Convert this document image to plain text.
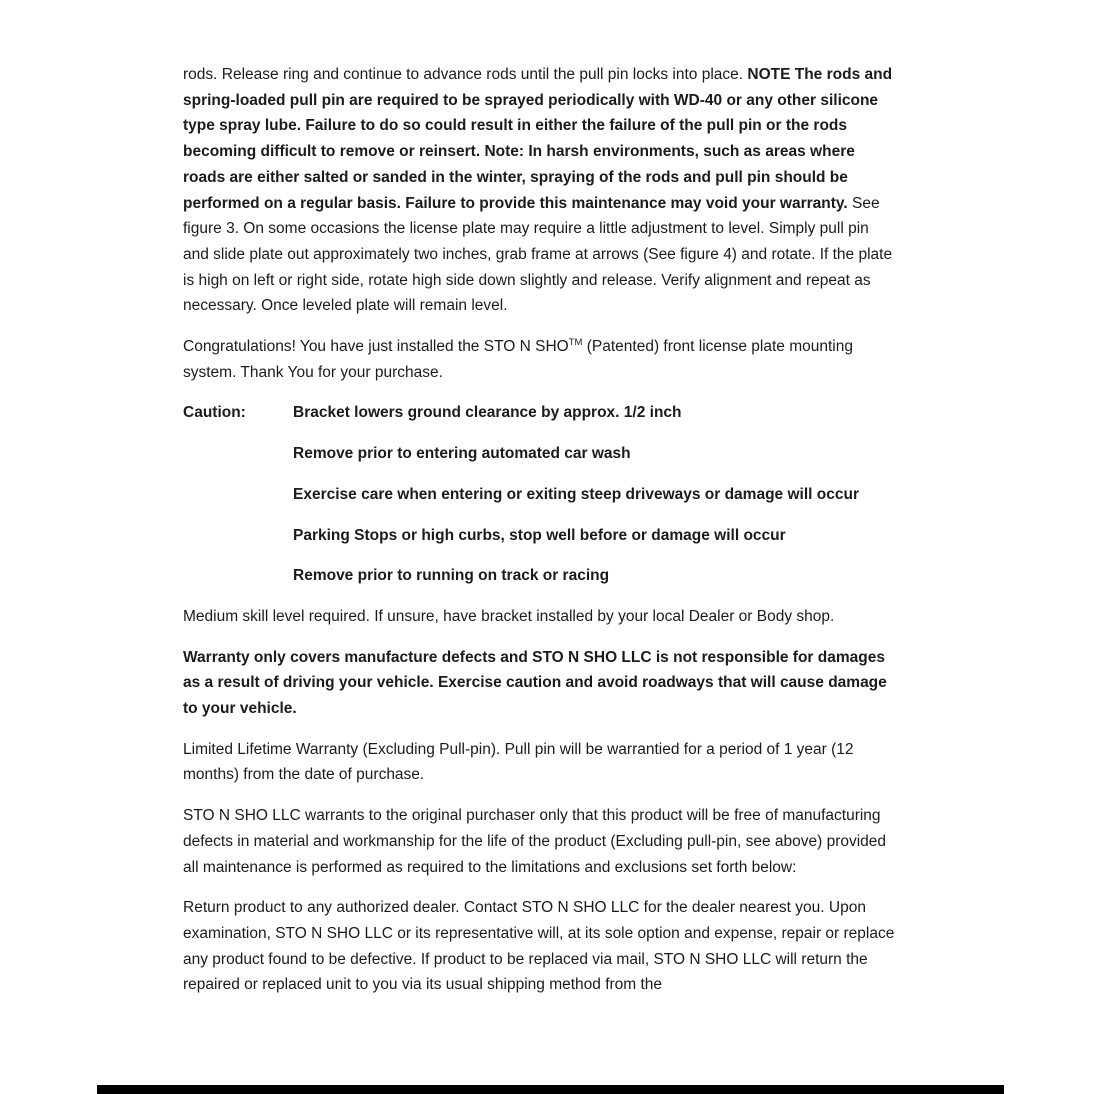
rods. Release ring and continue to advance rods until the pull pin locks into place. NOTE The rods and spring-loaded pull pin are required to be sprayed periodically with WD-40 or any other silicone type spray lube. Failure to do so could result in either the failure of the pull pin or the rods becoming difficult to remove or reinsert. Note: In harsh environments, such as areas where roads are either salted or sanded in the winter, spraying of the rods and pull pin should be performed on a regular basis. Failure to provide this maintenance may void your warranty. See figure 3. On some occasions the license plate may require a little adjustment to level. Simply pull pin and slide plate out approximately two inches, grab frame at arrows (See figure 4) and rotate. If the plate is high on left or right side, rotate high side down slightly and release. Verify alignment and repeat as necessary. Once leveled plate will remain level.

Congratulations! You have just installed the STO N SHO™ (Patented) front license plate mounting system. Thank You for your purchase.

Caution:	Bracket lowers ground clearance by approx. 1/2 inch
Remove prior to entering automated car wash
Exercise care when entering or exiting steep driveways or damage will occur
Parking Stops or high curbs, stop well before or damage will occur
Remove prior to running on track or racing

Medium skill level required. If unsure, have bracket installed by your local Dealer or Body shop.

Warranty only covers manufacture defects and STO N SHO LLC is not responsible for damages as a result of driving your vehicle. Exercise caution and avoid roadways that will cause damage to your vehicle.

Limited Lifetime Warranty (Excluding Pull-pin). Pull pin will be warrantied for a period of 1 year (12 months) from the date of purchase.

STO N SHO LLC warrants to the original purchaser only that this product will be free of manufacturing defects in material and workmanship for the life of the product (Excluding pull-pin, see above) provided all maintenance is performed as required to the limitations and exclusions set forth below:

Return product to any authorized dealer. Contact STO N SHO LLC for the dealer nearest you. Upon examination, STO N SHO LLC or its representative will, at its sole option and expense, repair or replace any product found to be defective. If product to be replaced via mail, STO N SHO LLC will return the repaired or replaced unit to you via its usual shipping method from the
